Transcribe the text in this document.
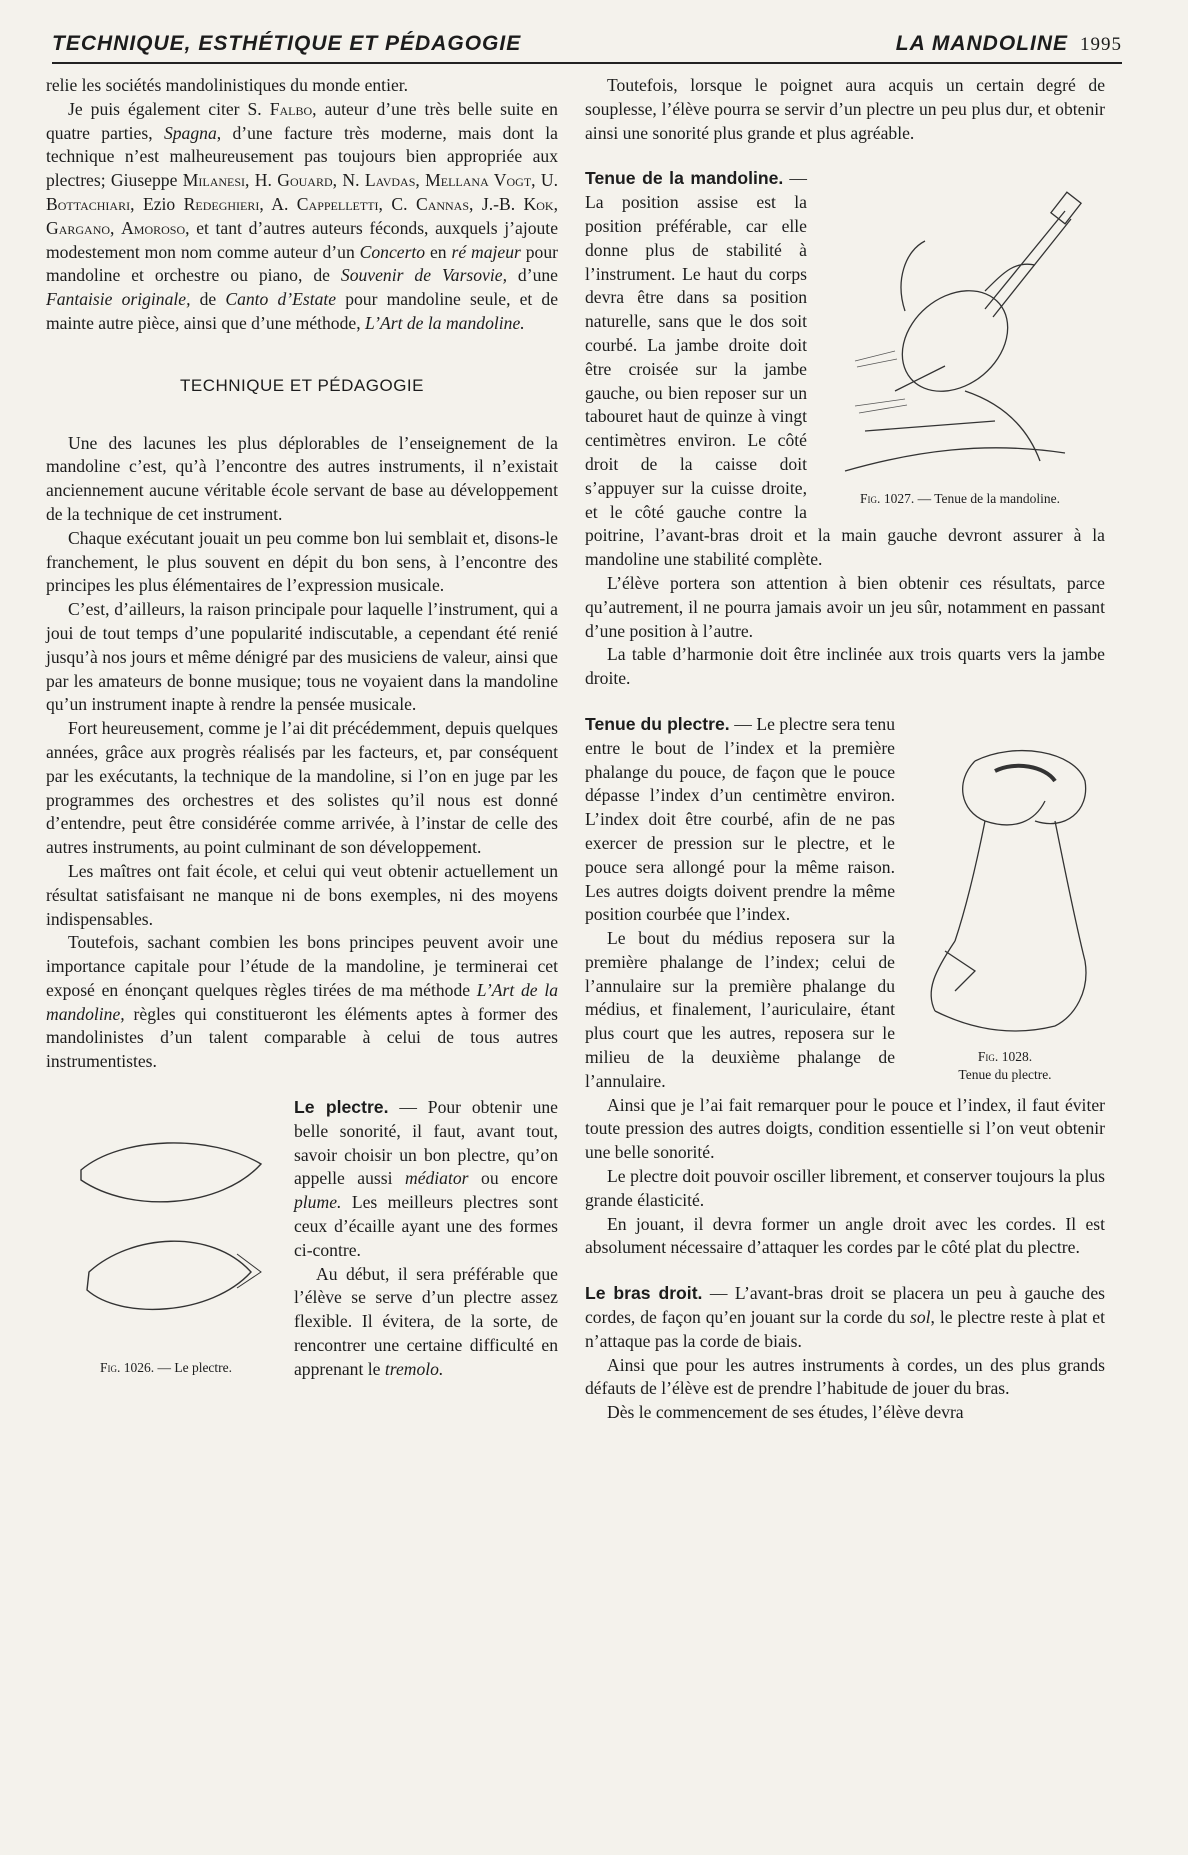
TECHNIQUE, ESTHÉTIQUE ET PÉDAGOGIE	LA MANDOLINE 1995

relie les sociétés mandolinistiques du monde entier.

Je puis également citer S. Falbo, auteur d’une très belle suite en quatre parties, Spagna, d’une facture très moderne, mais dont la technique n’est malheureusement pas toujours bien appropriée aux plectres; Giuseppe Milanesi, H. Gouard, N. Lavdas, Mellana Vogt, U. Bottachiari, Ezio Redeghieri, A. Cappelletti, C. Cannas, J.-B. Kok, Gargano, Amoroso, et tant d’autres auteurs féconds, auxquels j’ajoute modestement mon nom comme auteur d’un Concerto en ré majeur pour mandoline et orchestre ou piano, de Souvenir de Varsovie, d’une Fantaisie originale, de Canto d’Estate pour mandoline seule, et de mainte autre pièce, ainsi que d’une méthode, L’Art de la mandoline.

TECHNIQUE ET PÉDAGOGIE

Une des lacunes les plus déplorables de l’enseignement de la mandoline c’est, qu’à l’encontre des autres instruments, il n’existait anciennement aucune véritable école servant de base au développement de la technique de cet instrument.

Chaque exécutant jouait un peu comme bon lui semblait et, disons-le franchement, le plus souvent en dépit du bon sens, à l’encontre des principes les plus élémentaires de l’expression musicale.

C’est, d’ailleurs, la raison principale pour laquelle l’instrument, qui a joui de tout temps d’une popularité indiscutable, a cependant été renié jusqu’à nos jours et même dénigré par des musiciens de valeur, ainsi que par les amateurs de bonne musique; tous ne voyaient dans la mandoline qu’un instrument inapte à rendre la pensée musicale.

Fort heureusement, comme je l’ai dit précédemment, depuis quelques années, grâce aux progrès réalisés par les facteurs, et, par conséquent par les exécutants, la technique de la mandoline, si l’on en juge par les programmes des orchestres et des solistes qu’il nous est donné d’entendre, peut être considérée comme arrivée, à l’instar de celle des autres instruments, au point culminant de son développement.

Les maîtres ont fait école, et celui qui veut obtenir actuellement un résultat satisfaisant ne manque ni de bons exemples, ni des moyens indispensables.

Toutefois, sachant combien les bons principes peuvent avoir une importance capitale pour l’étude de la mandoline, je terminerai cet exposé en énonçant quelques règles tirées de ma méthode L’Art de la mandoline, règles qui constitueront les éléments aptes à former des mandolinistes d’un talent comparable à celui de tous autres instrumentistes.

Fig. 1026. — Le plectre.

Le plectre. — Pour obtenir une belle sonorité, il faut, avant tout, savoir choisir un bon plectre, qu’on appelle aussi médiator ou encore plume. Les meilleurs plectres sont ceux d’écaille ayant une des formes ci-contre.

Au début, il sera préférable que l’élève se serve d’un plectre assez flexible. Il évitera, de la sorte, de rencontrer une certaine difficulté en apprenant le tremolo.

Toutefois, lorsque le poignet aura acquis un certain degré de souplesse, l’élève pourra se servir d’un plectre un peu plus dur, et obtenir ainsi une sonorité plus grande et plus agréable.

Fig. 1027. — Tenue de la mandoline.

Tenue de la mandoline. — La position assise est la position préférable, car elle donne plus de stabilité à l’instrument. Le haut du corps devra être dans sa position naturelle, sans que le dos soit courbé. La jambe droite doit être croisée sur la jambe gauche, ou bien reposer sur un tabouret haut de quinze à vingt centimètres environ. Le côté droit de la caisse doit s’appuyer sur la cuisse droite, et le côté gauche contre la poitrine, l’avant-bras droit et la main gauche devront assurer à la mandoline une stabilité complète.

L’élève portera son attention à bien obtenir ces résultats, parce qu’autrement, il ne pourra jamais avoir un jeu sûr, notamment en passant d’une position à l’autre.

La table d’harmonie doit être inclinée aux trois quarts vers la jambe droite.

Fig. 1028.
Tenue du plectre.

Tenue du plectre. — Le plectre sera tenu entre le bout de l’index et la première phalange du pouce, de façon que le pouce dépasse l’index d’un centimètre environ. L’index doit être courbé, afin de ne pas exercer de pression sur le plectre, et le pouce sera allongé pour la même raison. Les autres doigts doivent prendre la même position courbée que l’index.

Le bout du médius reposera sur la première phalange de l’index; celui de l’annulaire sur la première phalange du médius, et finalement, l’auriculaire, étant plus court que les autres, reposera sur le milieu de la deuxième phalange de l’annulaire.

Ainsi que je l’ai fait remarquer pour le pouce et l’index, il faut éviter toute pression des autres doigts, condition essentielle si l’on veut obtenir une belle sonorité.

Le plectre doit pouvoir osciller librement, et conserver toujours la plus grande élasticité.

En jouant, il devra former un angle droit avec les cordes. Il est absolument nécessaire d’attaquer les cordes par le côté plat du plectre.

Le bras droit. — L’avant-bras droit se placera un peu à gauche des cordes, de façon qu’en jouant sur la corde du sol, le plectre reste à plat et n’attaque pas la corde de biais.

Ainsi que pour les autres instruments à cordes, un des plus grands défauts de l’élève est de prendre l’habitude de jouer du bras.

Dès le commencement de ses études, l’élève devra
